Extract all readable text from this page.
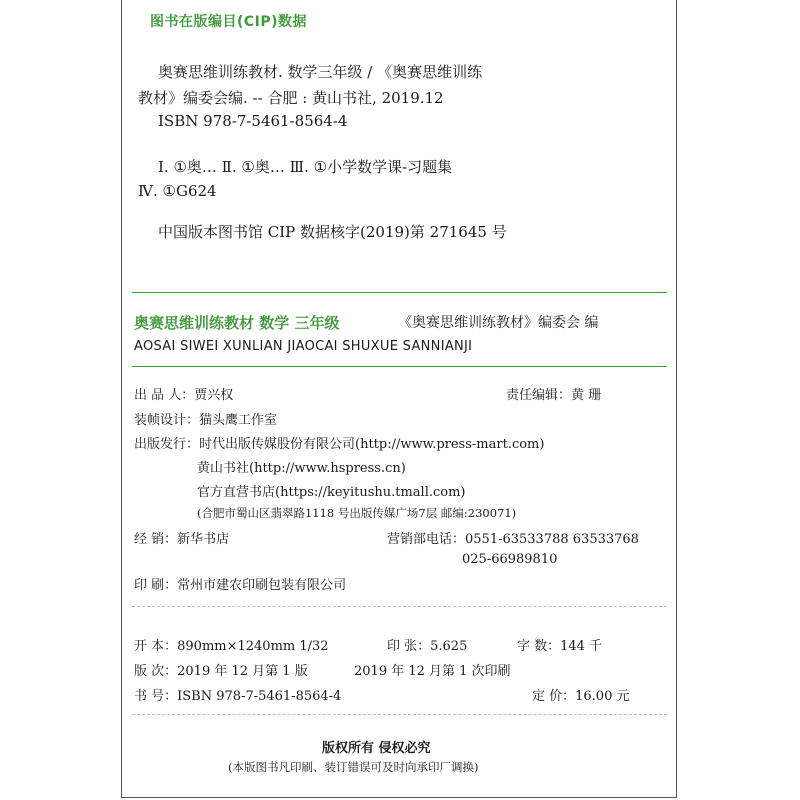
图书在版编目(CIP)数据
奥赛思维训练教材. 数学三年级 / 《奥赛思维训练
教材》编委会编. -- 合肥 : 黄山书社, 2019.12
ISBN 978-7-5461-8564-4
Ⅰ. ①奥… Ⅱ. ①奥… Ⅲ. ①小学数学课-习题集
Ⅳ. ①G624
中国版本图书馆 CIP 数据核字(2019)第 271645 号
奥赛思维训练教材 数学 三年级	《奥赛思维训练教材》编委会 编
AOSAI SIWEI XUNLIAN JIAOCAI SHUXUE SANNIANJI
出 品 人：贾兴权	责任编辑：黄 珊
装帧设计：猫头鹰工作室
出版发行：时代出版传媒股份有限公司(http://www.press-mart.com)
黄山书社(http://www.hspress.cn)
官方直营书店(https://keyitushu.tmall.com)
(合肥市蜀山区翡翠路1118 号出版传媒广场7层 邮编:230071)
经 销：新华书店	营销部电话：0551-63533788 63533768
025-66989810
印 刷：常州市建农印刷包装有限公司
开 本：890mm×1240mm 1/32	印 张：5.625	字 数：144 千
版 次：2019 年 12 月第 1 版	2019 年 12 月第 1 次印刷
书 号：ISBN 978-7-5461-8564-4	定 价：16.00 元
版权所有 侵权必究
(本版图书凡印刷、装订错误可及时向承印厂调换)
